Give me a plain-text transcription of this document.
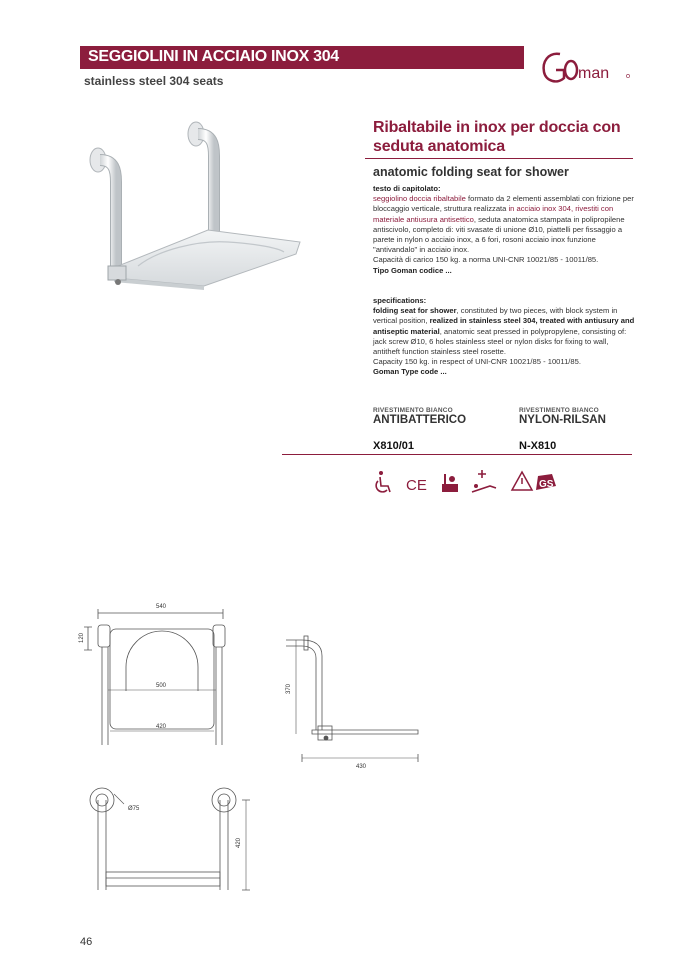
SEGGIOLINI IN ACCIAIO INOX 304
stainless steel 304 seats	man
Ribaltabile in inox per doccia con
seduta anatomica
anatomic folding seat for shower
testo di capitolato:
seggiolino doccia ribaltabile formato da 2 elementi assemblati con frizione per bloccaggio verticale, struttura realizzata in acciaio inox 304, rivestiti con materiale antiusura antisettico, seduta anatomica stampata in polipropilene antiscivolo, completo di: viti svasate di unione Ø10, piattelli per fissaggio a parete in nylon o acciaio inox, a 6 fori, rosoni acciaio inox funzione "antivandalo" in acciaio inox.
Capacità di carico 150 kg. a norma UNI-CNR 10021/85 - 10011/85.
Tipo Goman codice ...
specifications:
folding seat for shower, constituted by two pieces, with block system in vertical position, realized in stainless steel 304, treated with antiusury and antiseptic material, anatomic seat pressed in polypropylene, consisting of: jack screw Ø10, 6 holes stainless steel or nylon disks for fixing to wall, antitheft function stainless steel rosette.
Capacity 150 kg. in respect of UNI-CNR 10021/85 - 10011/85.
Goman Type code ...
RIVESTIMENTO BIANCO
ANTIBATTERICO
RIVESTIMENTO BIANCO
NYLON-RILSAN
X810/01	N-X810
CE	GS
540
120
500
420
370
430
Ø75
420
46
